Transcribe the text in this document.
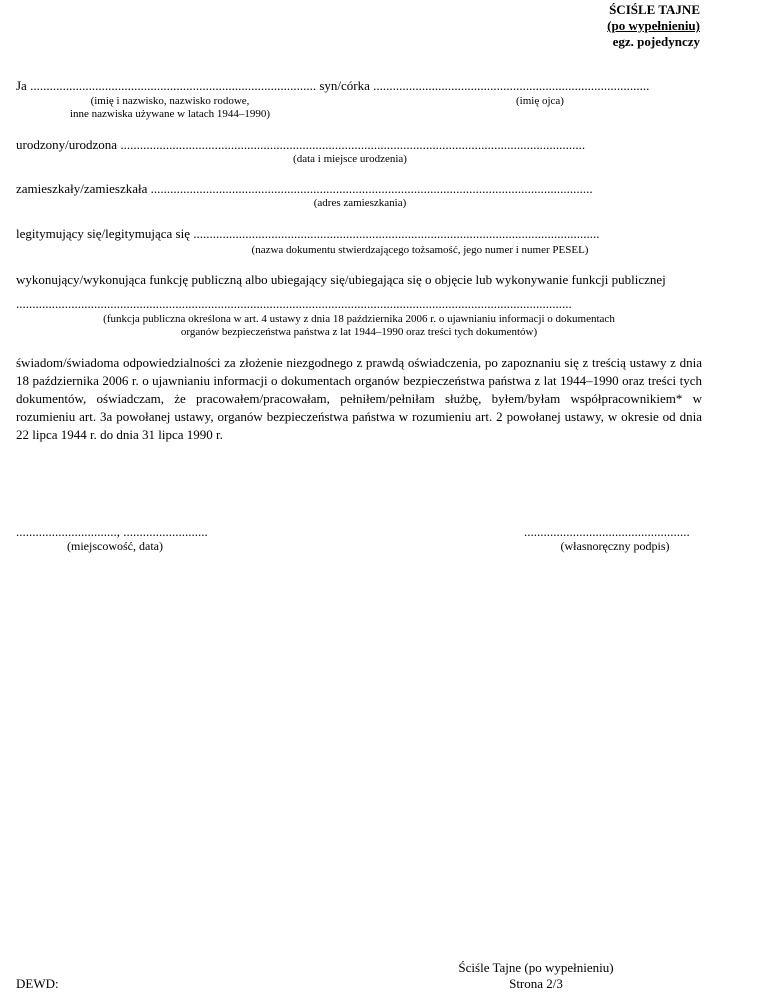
ŚCIŚLE TAJNE
(po wypełnieniu)
egz. pojedynczy
Ja ........................................................................................ syn/córka .....................................................................................
(imię i nazwisko, nazwisko rodowe,
inne nazwiska używane w latach 1944–1990)
(imię ojca)
urodzony/urodzona ...............................................................................................................................................
(data i miejsce urodzenia)
zamieszkały/zamieszkała ........................................................................................................................................
(adres zamieszkania)
legitymujący się/legitymująca się .............................................................................................................................
(nazwa dokumentu stwierdzającego tożsamość, jego numer i numer PESEL)
wykonujący/wykonująca funkcję publiczną albo ubiegający się/ubiegająca się o objęcie lub wykonywanie funkcji publicznej
...........................................................................................................................................................................
(funkcja publiczna określona w art. 4 ustawy z dnia 18 października 2006 r. o ujawnianiu informacji o dokumentach
organów bezpieczeństwa państwa z lat 1944–1990 oraz treści tych dokumentów)
świadom/świadoma odpowiedzialności za złożenie niezgodnego z prawdą oświadczenia, po zapoznaniu się z treścią ustawy z dnia 18 października 2006 r. o ujawnianiu informacji o dokumentach organów bezpieczeństwa państwa z lat 1944–1990 oraz treści tych dokumentów, oświadczam, że pracowałem/pracowałam, pełniłem/pełniłam służbę, byłem/byłam współpracownikiem* w rozumieniu art. 3a powołanej ustawy, organów bezpieczeństwa państwa w rozumieniu art. 2 powołanej ustawy, w okresie od dnia 22 lipca 1944 r. do dnia 31 lipca 1990 r.
..............................., ..........................
(miejscowość, data)
...................................................
(własnoręczny podpis)
DEWD:
Ściśle Tajne (po wypełnieniu)
Strona 2/3
